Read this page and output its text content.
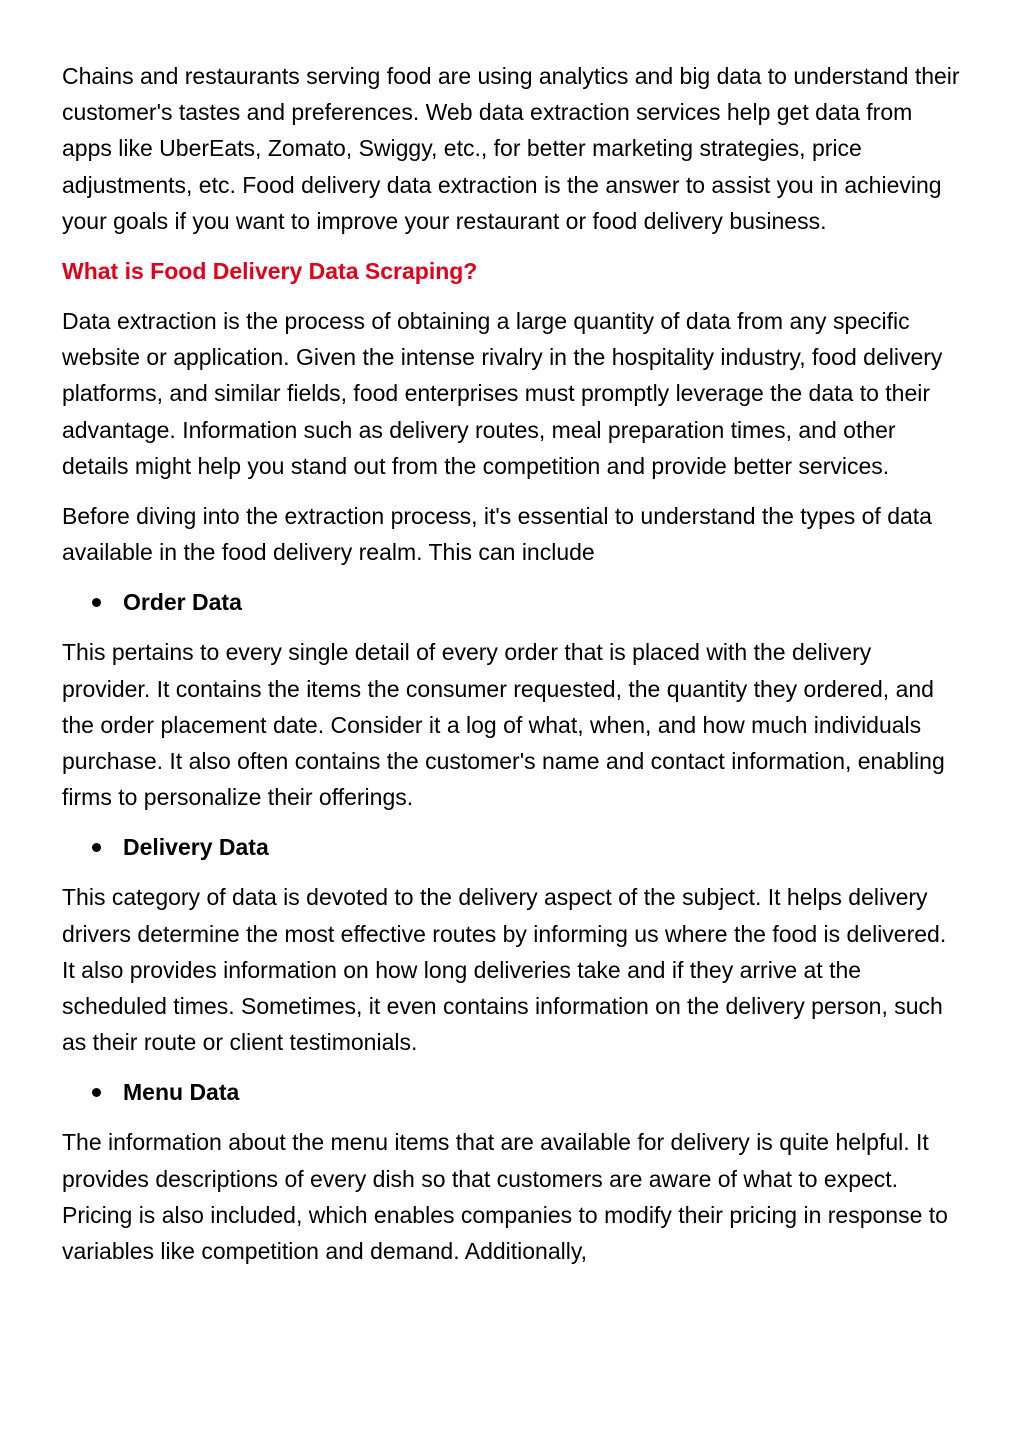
Chains and restaurants serving food are using analytics and big data to understand their customer's tastes and preferences. Web data extraction services help get data from apps like UberEats, Zomato, Swiggy, etc., for better marketing strategies, price adjustments, etc. Food delivery data extraction is the answer to assist you in achieving your goals if you want to improve your restaurant or food delivery business.

What is Food Delivery Data Scraping?

Data extraction is the process of obtaining a large quantity of data from any specific website or application. Given the intense rivalry in the hospitality industry, food delivery platforms, and similar fields, food enterprises must promptly leverage the data to their advantage. Information such as delivery routes, meal preparation times, and other details might help you stand out from the competition and provide better services.

Before diving into the extraction process, it's essential to understand the types of data available in the food delivery realm. This can include

Order Data

This pertains to every single detail of every order that is placed with the delivery provider. It contains the items the consumer requested, the quantity they ordered, and the order placement date. Consider it a log of what, when, and how much individuals purchase. It also often contains the customer's name and contact information, enabling firms to personalize their offerings.

Delivery Data

This category of data is devoted to the delivery aspect of the subject. It helps delivery drivers determine the most effective routes by informing us where the food is delivered. It also provides information on how long deliveries take and if they arrive at the scheduled times. Sometimes, it even contains information on the delivery person, such as their route or client testimonials.

Menu Data

The information about the menu items that are available for delivery is quite helpful. It provides descriptions of every dish so that customers are aware of what to expect. Pricing is also included, which enables companies to modify their pricing in response to variables like competition and demand. Additionally,
